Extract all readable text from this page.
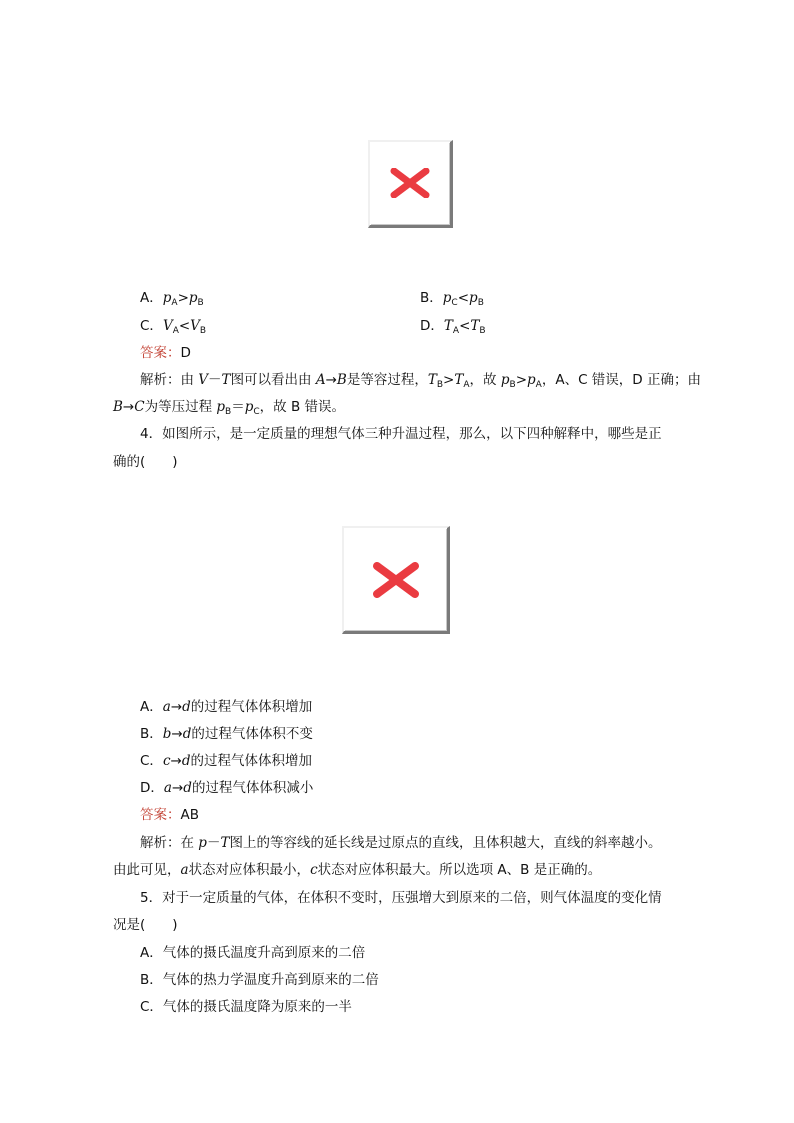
A．$p_A>p_B$	B．$p_C<p_B$
C．$V_A<V_B$	D．$T_A<T_B$
答案：D
解析：由 V－T图可以看出由 A→B是等容过程，$T_B>T_A$，故 $p_B>p_A$，A、C 错误，D 正确；由
B→C为等压过程 $p_B=p_C$，故 B 错误。
4．如图所示，是一定质量的理想气体三种升温过程，那么，以下四种解释中，哪些是正
确的(　　)
A．a→d的过程气体体积增加
B．b→d的过程气体体积不变
C．c→d的过程气体体积增加
D．a→d的过程气体体积减小
答案：AB
解析：在 p－T图上的等容线的延长线是过原点的直线，且体积越大，直线的斜率越小。
由此可见，a状态对应体积最小，c状态对应体积最大。所以选项 A、B 是正确的。
5．对于一定质量的气体，在体积不变时，压强增大到原来的二倍，则气体温度的变化情
况是(　　)
A．气体的摄氏温度升高到原来的二倍
B．气体的热力学温度升高到原来的二倍
C．气体的摄氏温度降为原来的一半
